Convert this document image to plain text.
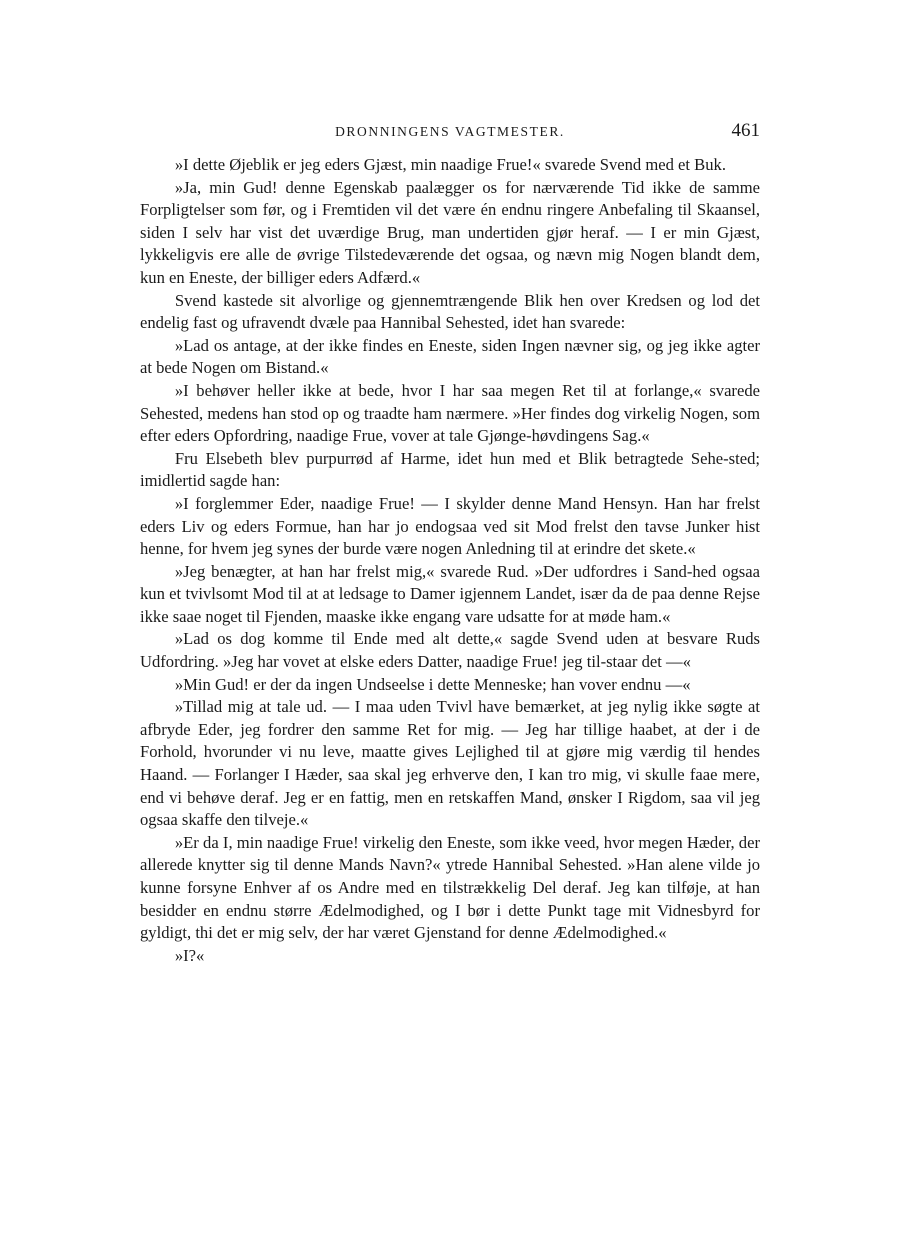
DRONNINGENS VAGTMESTER.	461

»I dette Øjeblik er jeg eders Gjæst, min naadige Frue!« svarede Svend med et Buk.

»Ja, min Gud! denne Egenskab paalægger os for nærværende Tid ikke de samme Forpligtelser som før, og i Fremtiden vil det være én endnu ringere Anbefaling til Skaansel, siden I selv har vist det uværdige Brug, man undertiden gjør heraf. — I er min Gjæst, lykkeligvis ere alle de øvrige Tilstedeværende det ogsaa, og nævn mig Nogen blandt dem, kun en Eneste, der billiger eders Adfærd.«

Svend kastede sit alvorlige og gjennemtrængende Blik hen over Kredsen og lod det endelig fast og ufravendt dvæle paa Hannibal Sehested, idet han svarede:

»Lad os antage, at der ikke findes en Eneste, siden Ingen nævner sig, og jeg ikke agter at bede Nogen om Bistand.«

»I behøver heller ikke at bede, hvor I har saa megen Ret til at forlange,« svarede Sehested, medens han stod op og traadte ham nærmere. »Her findes dog virkelig Nogen, som efter eders Opfordring, naadige Frue, vover at tale Gjønge-høvdingens Sag.«

Fru Elsebeth blev purpurrød af Harme, idet hun med et Blik betragtede Sehe-sted; imidlertid sagde han:

»I forglemmer Eder, naadige Frue! — I skylder denne Mand Hensyn. Han har frelst eders Liv og eders Formue, han har jo endogsaa ved sit Mod frelst den tavse Junker hist henne, for hvem jeg synes der burde være nogen Anledning til at erindre det skete.«

»Jeg benægter, at han har frelst mig,« svarede Rud. »Der udfordres i Sand-hed ogsaa kun et tvivlsomt Mod til at at ledsage to Damer igjennem Landet, især da de paa denne Rejse ikke saae noget til Fjenden, maaske ikke engang vare udsatte for at møde ham.«

»Lad os dog komme til Ende med alt dette,« sagde Svend uden at besvare Ruds Udfordring. »Jeg har vovet at elske eders Datter, naadige Frue! jeg til-staar det —«

»Min Gud! er der da ingen Undseelse i dette Menneske; han vover endnu —«

»Tillad mig at tale ud. — I maa uden Tvivl have bemærket, at jeg nylig ikke søgte at afbryde Eder, jeg fordrer den samme Ret for mig. — Jeg har tillige haabet, at der i de Forhold, hvorunder vi nu leve, maatte gives Lejlighed til at gjøre mig værdig til hendes Haand. — Forlanger I Hæder, saa skal jeg erhverve den, I kan tro mig, vi skulle faae mere, end vi behøve deraf. Jeg er en fattig, men en retskaffen Mand, ønsker I Rigdom, saa vil jeg ogsaa skaffe den tilveje.«

»Er da I, min naadige Frue! virkelig den Eneste, som ikke veed, hvor megen Hæder, der allerede knytter sig til denne Mands Navn?« ytrede Hannibal Sehested. »Han alene vilde jo kunne forsyne Enhver af os Andre med en tilstrækkelig Del deraf. Jeg kan tilføje, at han besidder en endnu større Ædelmodighed, og I bør i dette Punkt tage mit Vidnesbyrd for gyldigt, thi det er mig selv, der har været Gjenstand for denne Ædelmodighed.«

»I?«
